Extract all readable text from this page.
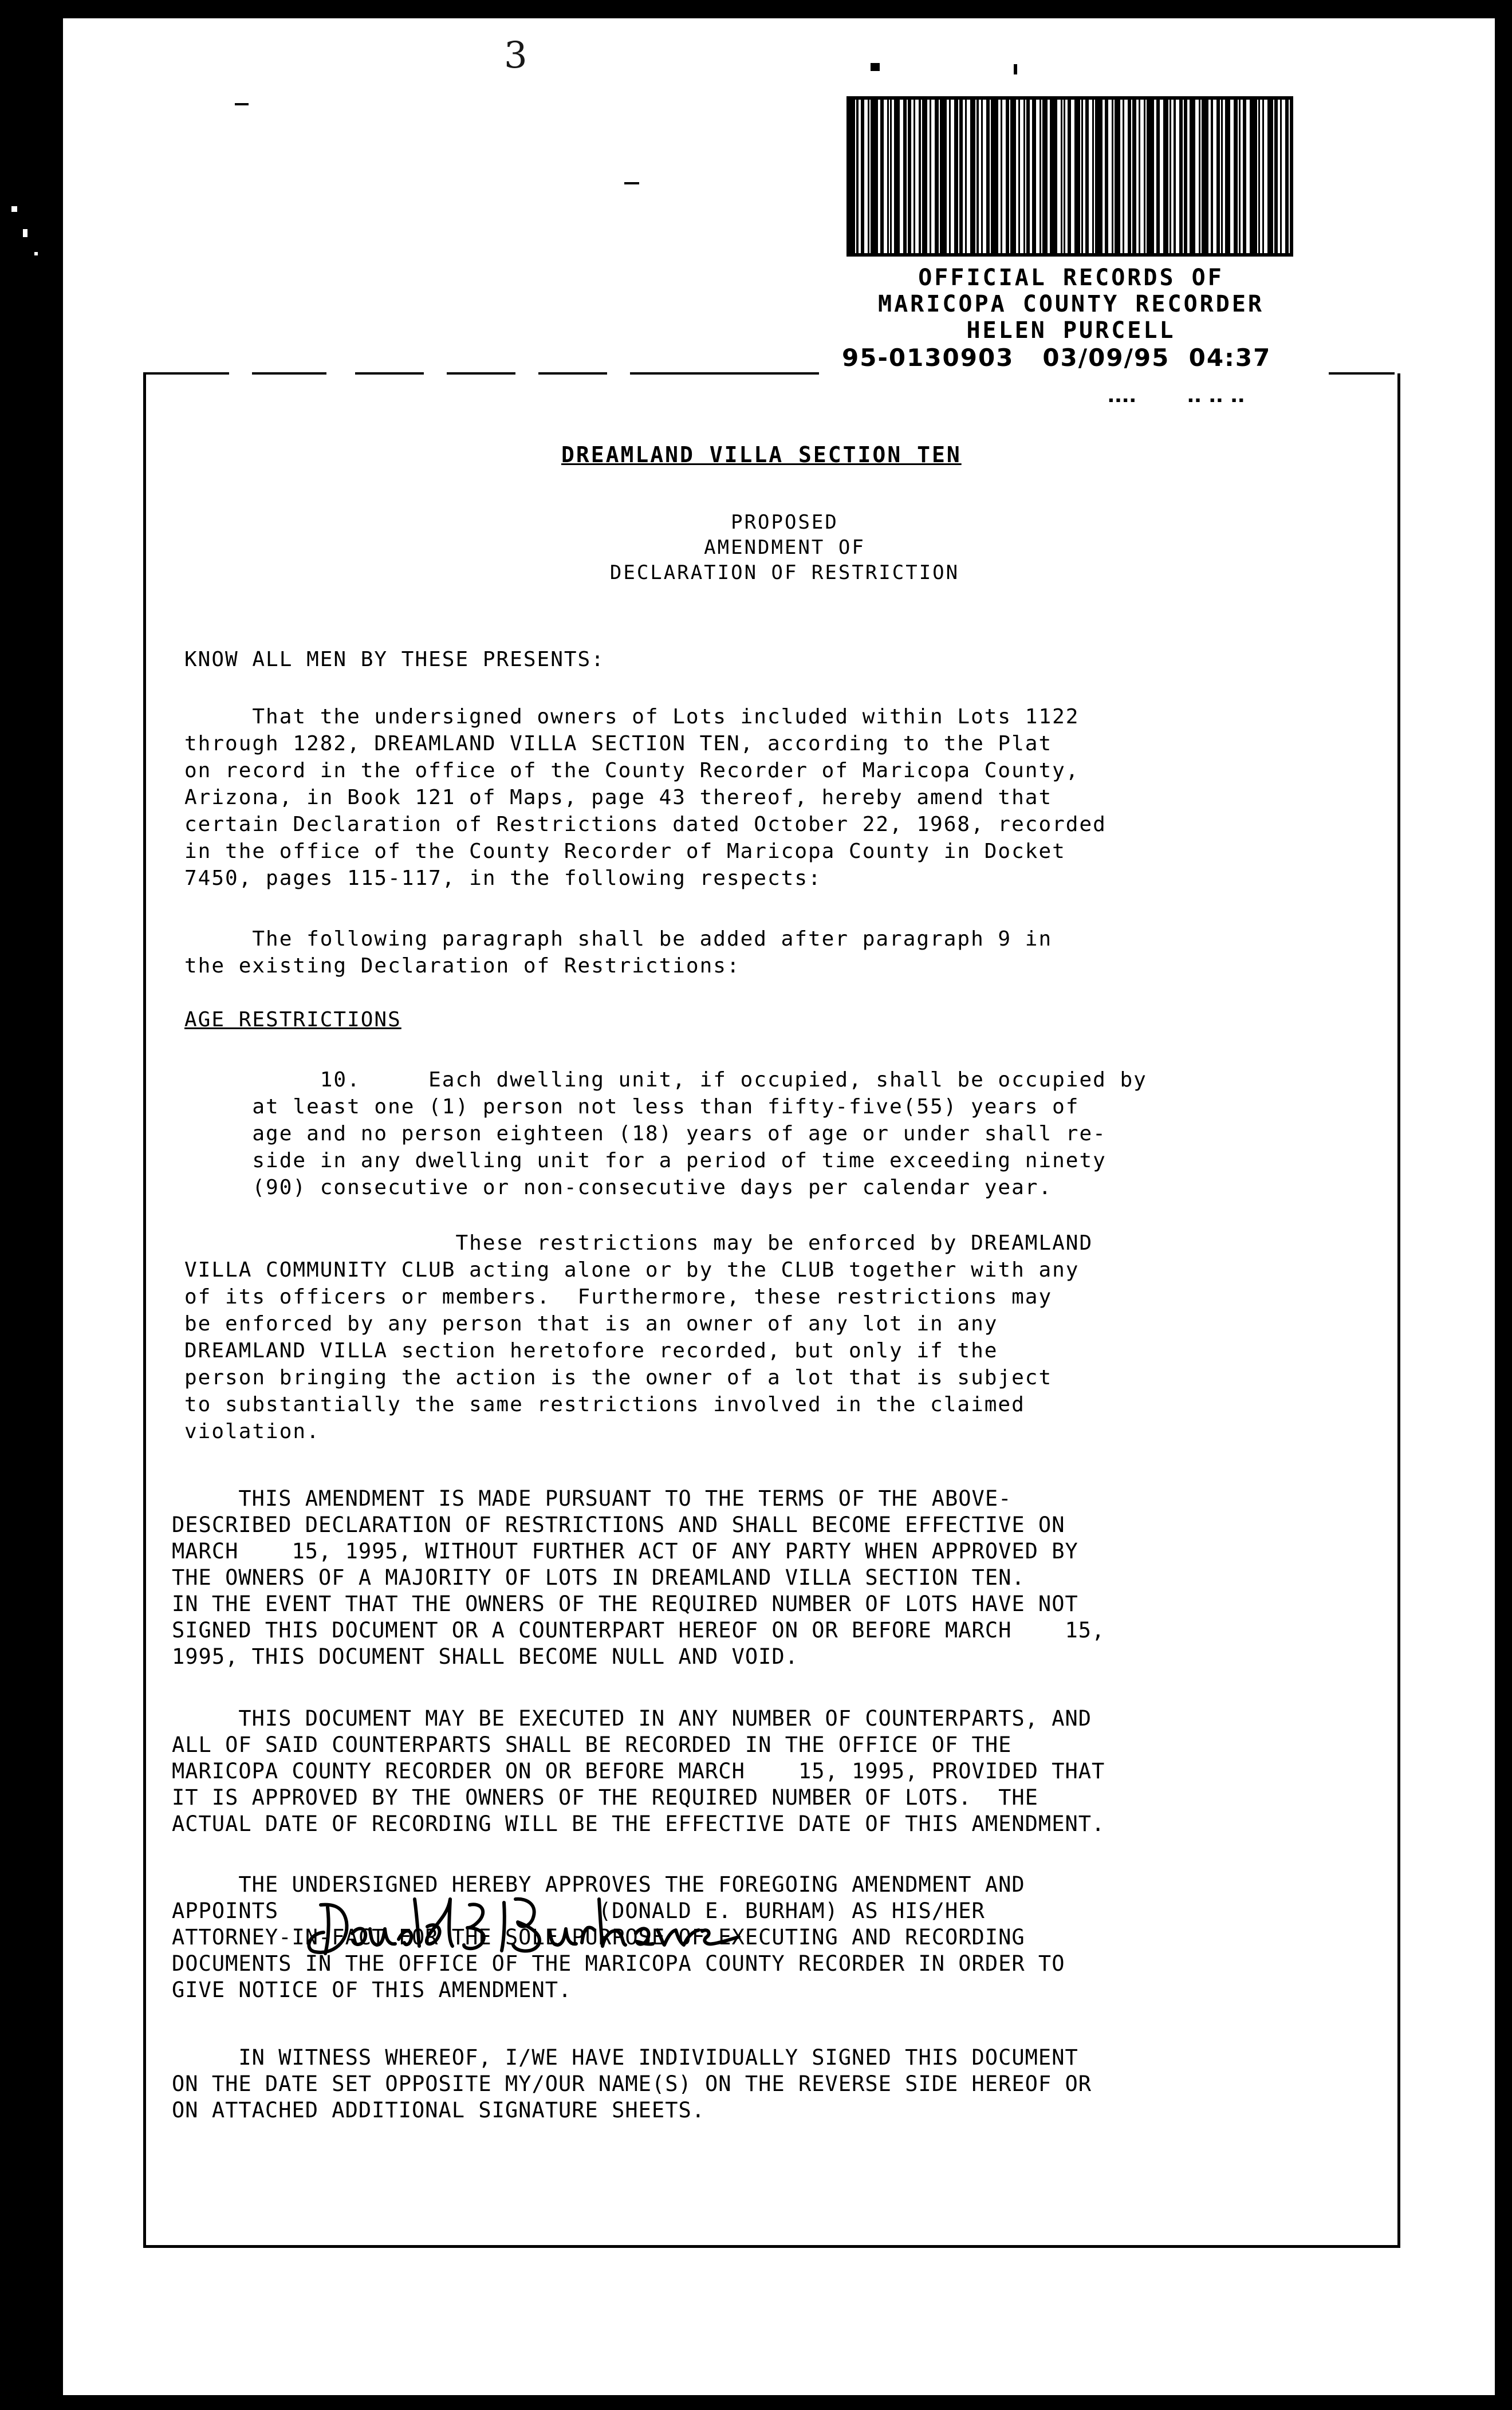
3
OFFICIAL RECORDS OF
MARICOPA COUNTY RECORDER
HELEN PURCELL
95-0130903 03/09/95 04:37
▪▪▪▪       ▪▪ ▪▪ ▪▪
DREAMLAND VILLA SECTION TEN
PROPOSED
AMENDMENT OF
DECLARATION OF RESTRICTION
KNOW ALL MEN BY THESE PRESENTS:
That the undersigned owners of Lots included within Lots 1122
through 1282, DREAMLAND VILLA SECTION TEN, according to the Plat
on record in the office of the County Recorder of Maricopa County,
Arizona, in Book 121 of Maps, page 43 thereof, hereby amend that
certain Declaration of Restrictions dated October 22, 1968, recorded
in the office of the County Recorder of Maricopa County in Docket
7450, pages 115-117, in the following respects:
The following paragraph shall be added after paragraph 9 in
the existing Declaration of Restrictions:
AGE RESTRICTIONS
10.     Each dwelling unit, if occupied, shall be occupied by
at least one (1) person not less than fifty-five(55) years of
age and no person eighteen (18) years of age or under shall re-
side in any dwelling unit for a period of time exceeding ninety
(90) consecutive or non-consecutive days per calendar year.
These restrictions may be enforced by DREAMLAND
VILLA COMMUNITY CLUB acting alone or by the CLUB together with any
of its officers or members.  Furthermore, these restrictions may
be enforced by any person that is an owner of any lot in any
DREAMLAND VILLA section heretofore recorded, but only if the
person bringing the action is the owner of a lot that is subject
to substantially the same restrictions involved in the claimed
violation.
THIS AMENDMENT IS MADE PURSUANT TO THE TERMS OF THE ABOVE-
DESCRIBED DECLARATION OF RESTRICTIONS AND SHALL BECOME EFFECTIVE ON
MARCH    15, 1995, WITHOUT FURTHER ACT OF ANY PARTY WHEN APPROVED BY
THE OWNERS OF A MAJORITY OF LOTS IN DREAMLAND VILLA SECTION TEN.
IN THE EVENT THAT THE OWNERS OF THE REQUIRED NUMBER OF LOTS HAVE NOT
SIGNED THIS DOCUMENT OR A COUNTERPART HEREOF ON OR BEFORE MARCH    15,
1995, THIS DOCUMENT SHALL BECOME NULL AND VOID.
THIS DOCUMENT MAY BE EXECUTED IN ANY NUMBER OF COUNTERPARTS, AND
ALL OF SAID COUNTERPARTS SHALL BE RECORDED IN THE OFFICE OF THE
MARICOPA COUNTY RECORDER ON OR BEFORE MARCH    15, 1995, PROVIDED THAT
IT IS APPROVED BY THE OWNERS OF THE REQUIRED NUMBER OF LOTS.  THE
ACTUAL DATE OF RECORDING WILL BE THE EFFECTIVE DATE OF THIS AMENDMENT.
THE UNDERSIGNED HEREBY APPROVES THE FOREGOING AMENDMENT AND
APPOINTS                        (DONALD E. BURHAM) AS HIS/HER
ATTORNEY-IN-FACT FOR THE SOLE PURPOSE OF EXECUTING AND RECORDING
DOCUMENTS IN THE OFFICE OF THE MARICOPA COUNTY RECORDER IN ORDER TO
GIVE NOTICE OF THIS AMENDMENT.
IN WITNESS WHEREOF, I/WE HAVE INDIVIDUALLY SIGNED THIS DOCUMENT
ON THE DATE SET OPPOSITE MY/OUR NAME(S) ON THE REVERSE SIDE HEREOF OR
ON ATTACHED ADDITIONAL SIGNATURE SHEETS.
